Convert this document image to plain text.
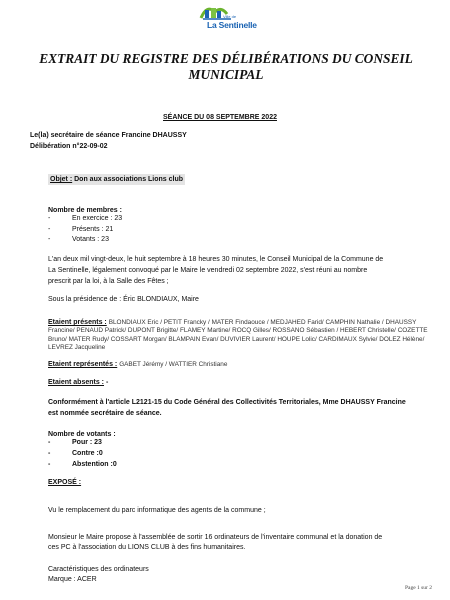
Ville de
La Sentinelle
EXTRAIT DU REGISTRE DES DÉLIBÉRATIONS DU CONSEIL
MUNICIPAL
SÉANCE DU 08 SEPTEMBRE 2022
Le(la) secrétaire de séance Francine DHAUSSY
Délibération n°22-09-02
Objet : Don aux associations Lions club
Nombre de membres :
-	En exercice : 23
-	Présents : 21
-	Votants : 23
L'an deux mil vingt-deux, le huit septembre à 18 heures 30 minutes, le Conseil Municipal de la Commune de
La Sentinelle, légalement convoqué par le Maire le vendredi 02 septembre 2022, s'est réuni au nombre
prescrit par la loi, à la Salle des Fêtes ;
Sous la présidence de : Éric BLONDIAUX, Maire
Etaient présents : BLONDIAUX Eric / PETIT Francky / MATER Findaouce / MEDJAHED Farid/ CAMPHIN Nathalie / DHAUSSY
Francine/ PENAUD Patrick/ DUPONT Brigitte/ FLAMEY Martine/ ROCQ Gilles/ ROSSANO Sébastien / HEBERT Christelle/ COZETTE
Bruno/ MATER Rudy/ COSSART Morgan/ BLAMPAIN Evan/ DUVIVIER Laurent/ HOUPE Lolic/ CARDIMAUX Sylvie/ DOLEZ Hélène/
LEVREZ Jacqueline
Etaient représentés : GABET Jérémy / WATTIER Christiane
Etaient absents : -
Conformément à l'article L2121-15 du Code Général des Collectivités Territoriales, Mme DHAUSSY Francine
est nommée secrétaire de séance.
Nombre de votants :
-	Pour : 23
-	Contre :0
-	Abstention :0
EXPOSÉ :
Vu le remplacement du parc informatique des agents de la commune ;
Monsieur le Maire propose à l'assemblée de sortir 16 ordinateurs de l'inventaire communal et la donation de
ces PC à l'association du LIONS CLUB à des fins humanitaires.
Caractéristiques des ordinateurs
Marque : ACER
Page 1 sur 2
